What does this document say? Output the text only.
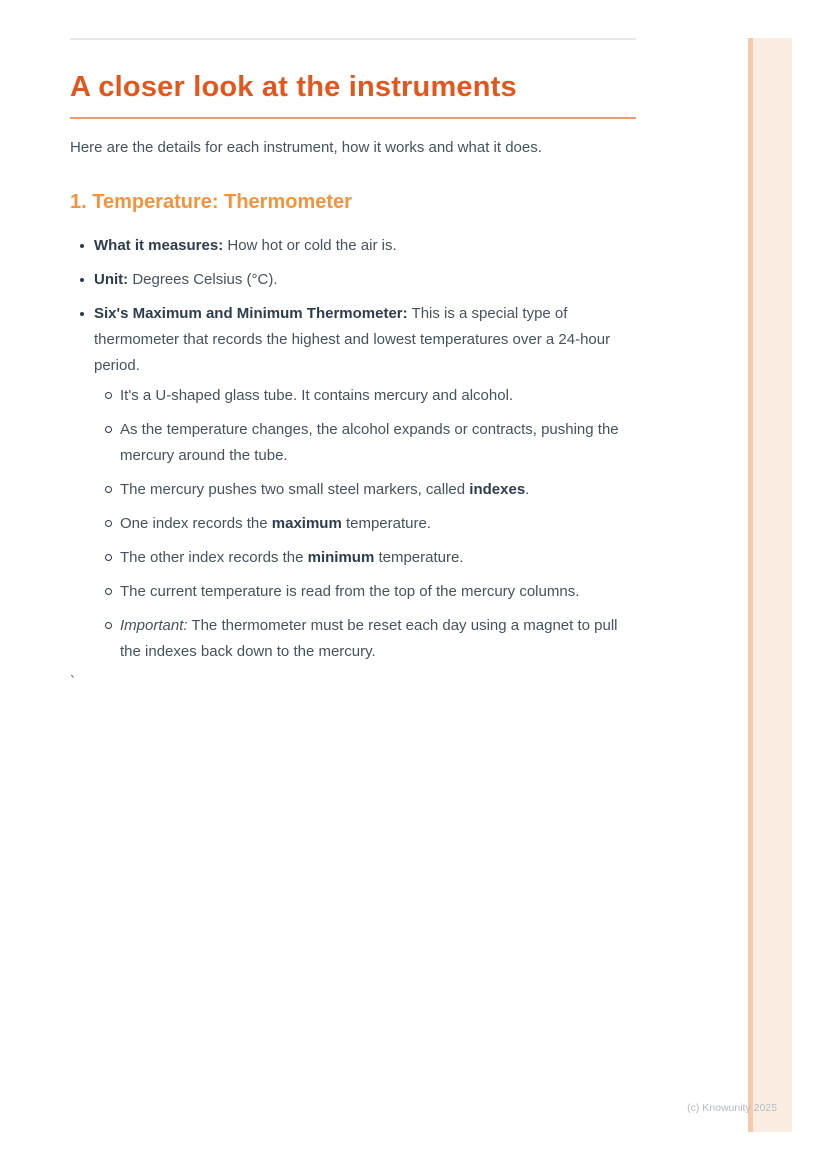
A closer look at the instruments

Here are the details for each instrument, how it works and what it does.

1. Temperature: Thermometer
What it measures: How hot or cold the air is.
Unit: Degrees Celsius (°C).
Six's Maximum and Minimum Thermometer: This is a special type of thermometer that records the highest and lowest temperatures over a 24-hour period.
It's a U-shaped glass tube. It contains mercury and alcohol.
As the temperature changes, the alcohol expands or contracts, pushing the mercury around the tube.
The mercury pushes two small steel markers, called indexes.
One index records the maximum temperature.
The other index records the minimum temperature.
The current temperature is read from the top of the mercury columns.
Important: The thermometer must be reset each day using a magnet to pull the indexes back down to the mercury.

`

(c) Knowunity 2025
